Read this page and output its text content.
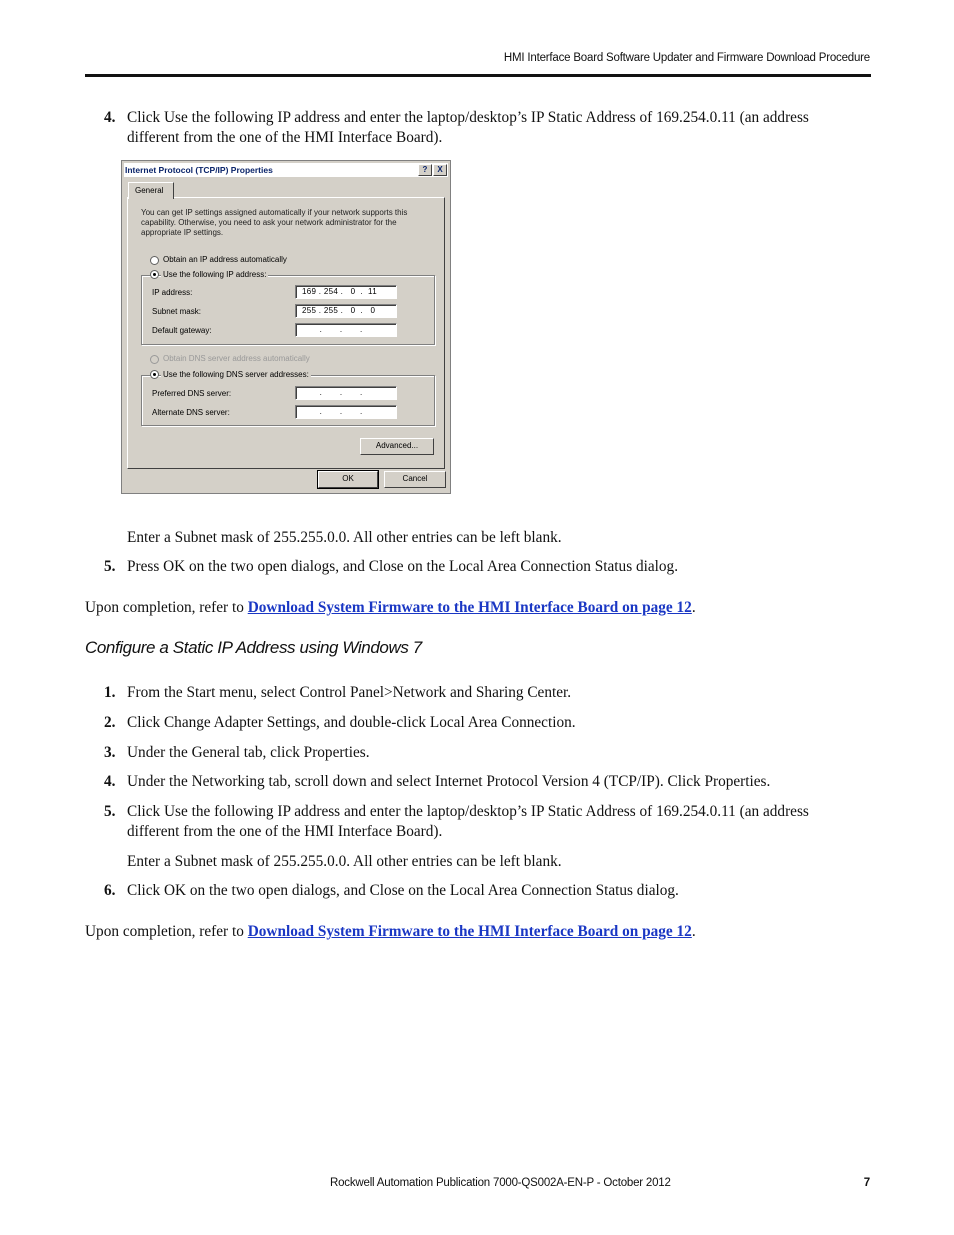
HMI Interface Board Software Updater and Firmware Download Procedure
4. Click Use the following IP address and enter the laptop/desktop’s IP Static Address of 169.254.0.11 (an address different from the one of the HMI Interface Board).
Internet Protocol (TCP/IP) Properties	?	X
General
You can get IP settings assigned automatically if your network supports this capability. Otherwise, you need to ask your network administrator for the appropriate IP settings.
Obtain an IP address automatically
Use the following IP address:
IP address:	169 . 254 .   0  .  11
Subnet mask:	255 . 255 .   0  .   0
Default gateway:	.       .       .
Obtain DNS server address automatically
Use the following DNS server addresses:
Preferred DNS server:	.       .       .
Alternate DNS server:	.       .       .
Advanced...
OK	Cancel
Enter a Subnet mask of 255.255.0.0. All other entries can be left blank.
5. Press OK on the two open dialogs, and Close on the Local Area Connection Status dialog.
Upon completion, refer to Download System Firmware to the HMI Interface Board on page 12.
Configure a Static IP Address using Windows 7
1. From the Start menu, select Control Panel>Network and Sharing Center.
2. Click Change Adapter Settings, and double-click Local Area Connection.
3. Under the General tab, click Properties.
4. Under the Networking tab, scroll down and select Internet Protocol Version 4 (TCP/IP). Click Properties.
5. Click Use the following IP address and enter the laptop/desktop’s IP Static Address of 169.254.0.11 (an address different from the one of the HMI Interface Board).
Enter a Subnet mask of 255.255.0.0. All other entries can be left blank.
6. Click OK on the two open dialogs, and Close on the Local Area Connection Status dialog.
Upon completion, refer to Download System Firmware to the HMI Interface Board on page 12.
Rockwell Automation Publication 7000-QS002A-EN-P - October 2012	7
